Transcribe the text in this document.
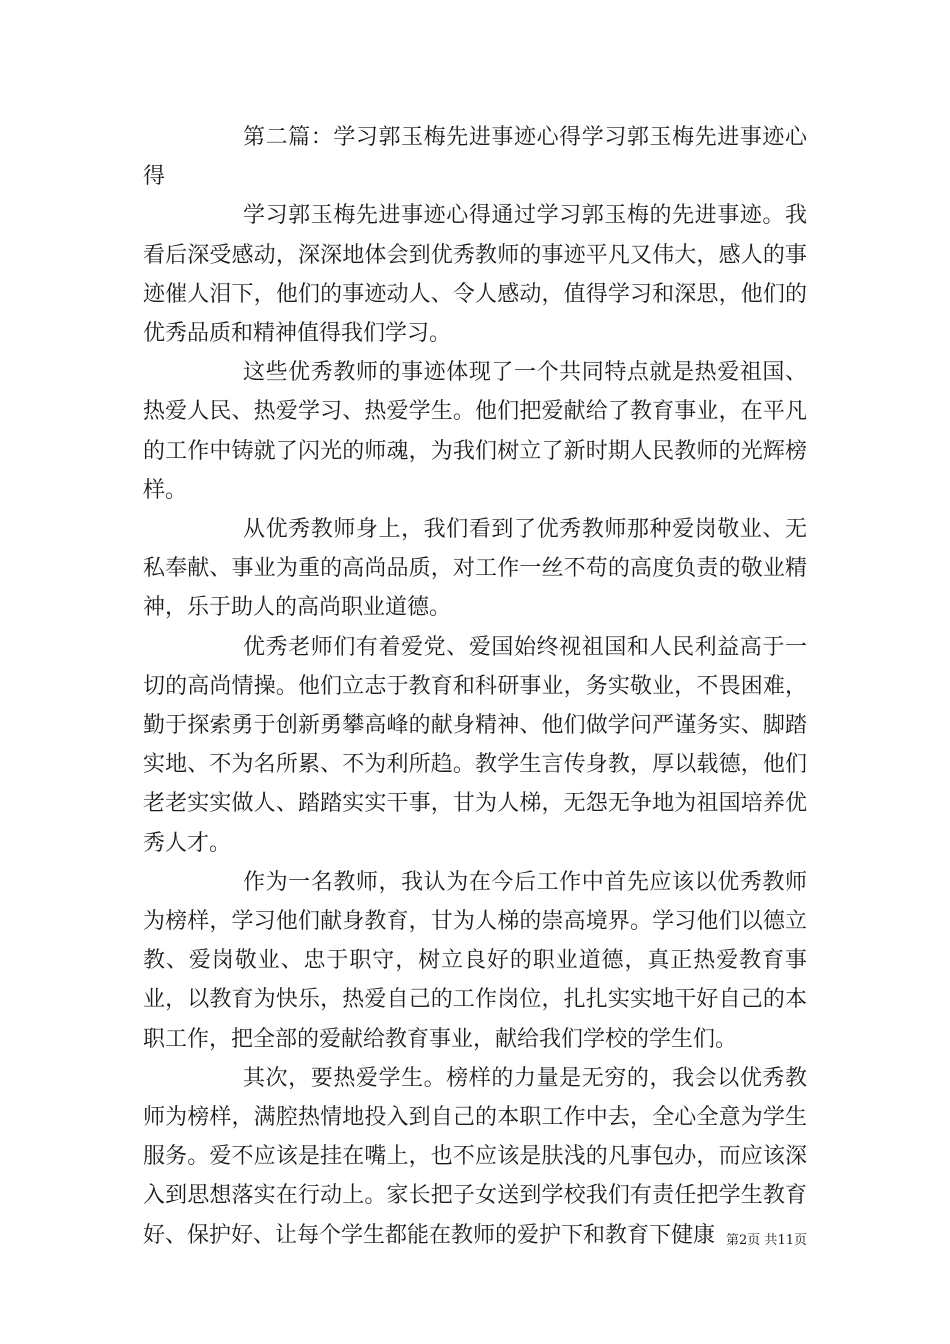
第二篇：学习郭玉梅先进事迹心得学习郭玉梅先进事迹心得

学习郭玉梅先进事迹心得通过学习郭玉梅的先进事迹。我看后深受感动，深深地体会到优秀教师的事迹平凡又伟大，感人的事迹催人泪下，他们的事迹动人、令人感动，值得学习和深思，他们的优秀品质和精神值得我们学习。

这些优秀教师的事迹体现了一个共同特点就是热爱祖国、热爱人民、热爱学习、热爱学生。他们把爱献给了教育事业，在平凡的工作中铸就了闪光的师魂，为我们树立了新时期人民教师的光辉榜样。

从优秀教师身上，我们看到了优秀教师那种爱岗敬业、无私奉献、事业为重的高尚品质，对工作一丝不苟的高度负责的敬业精神，乐于助人的高尚职业道德。

优秀老师们有着爱党、爱国始终视祖国和人民利益高于一切的高尚情操。他们立志于教育和科研事业，务实敬业，不畏困难，勤于探索勇于创新勇攀高峰的献身精神、他们做学问严谨务实、脚踏实地、不为名所累、不为利所趋。教学生言传身教，厚以载德，他们老老实实做人、踏踏实实干事，甘为人梯，无怨无争地为祖国培养优秀人才。

作为一名教师，我认为在今后工作中首先应该以优秀教师为榜样，学习他们献身教育，甘为人梯的崇高境界。学习他们以德立教、爱岗敬业、忠于职守，树立良好的职业道德，真正热爱教育事业，以教育为快乐，热爱自己的工作岗位，扎扎实实地干好自己的本职工作，把全部的爱献给教育事业，献给我们学校的学生们。

其次，要热爱学生。榜样的力量是无穷的，我会以优秀教师为榜样，满腔热情地投入到自己的本职工作中去，全心全意为学生服务。爱不应该是挂在嘴上，也不应该是肤浅的凡事包办，而应该深入到思想落实在行动上。家长把子女送到学校我们有责任把学生教育好、保护好、让每个学生都能在教师的爱护下和教育下健康 第2页 共11页
